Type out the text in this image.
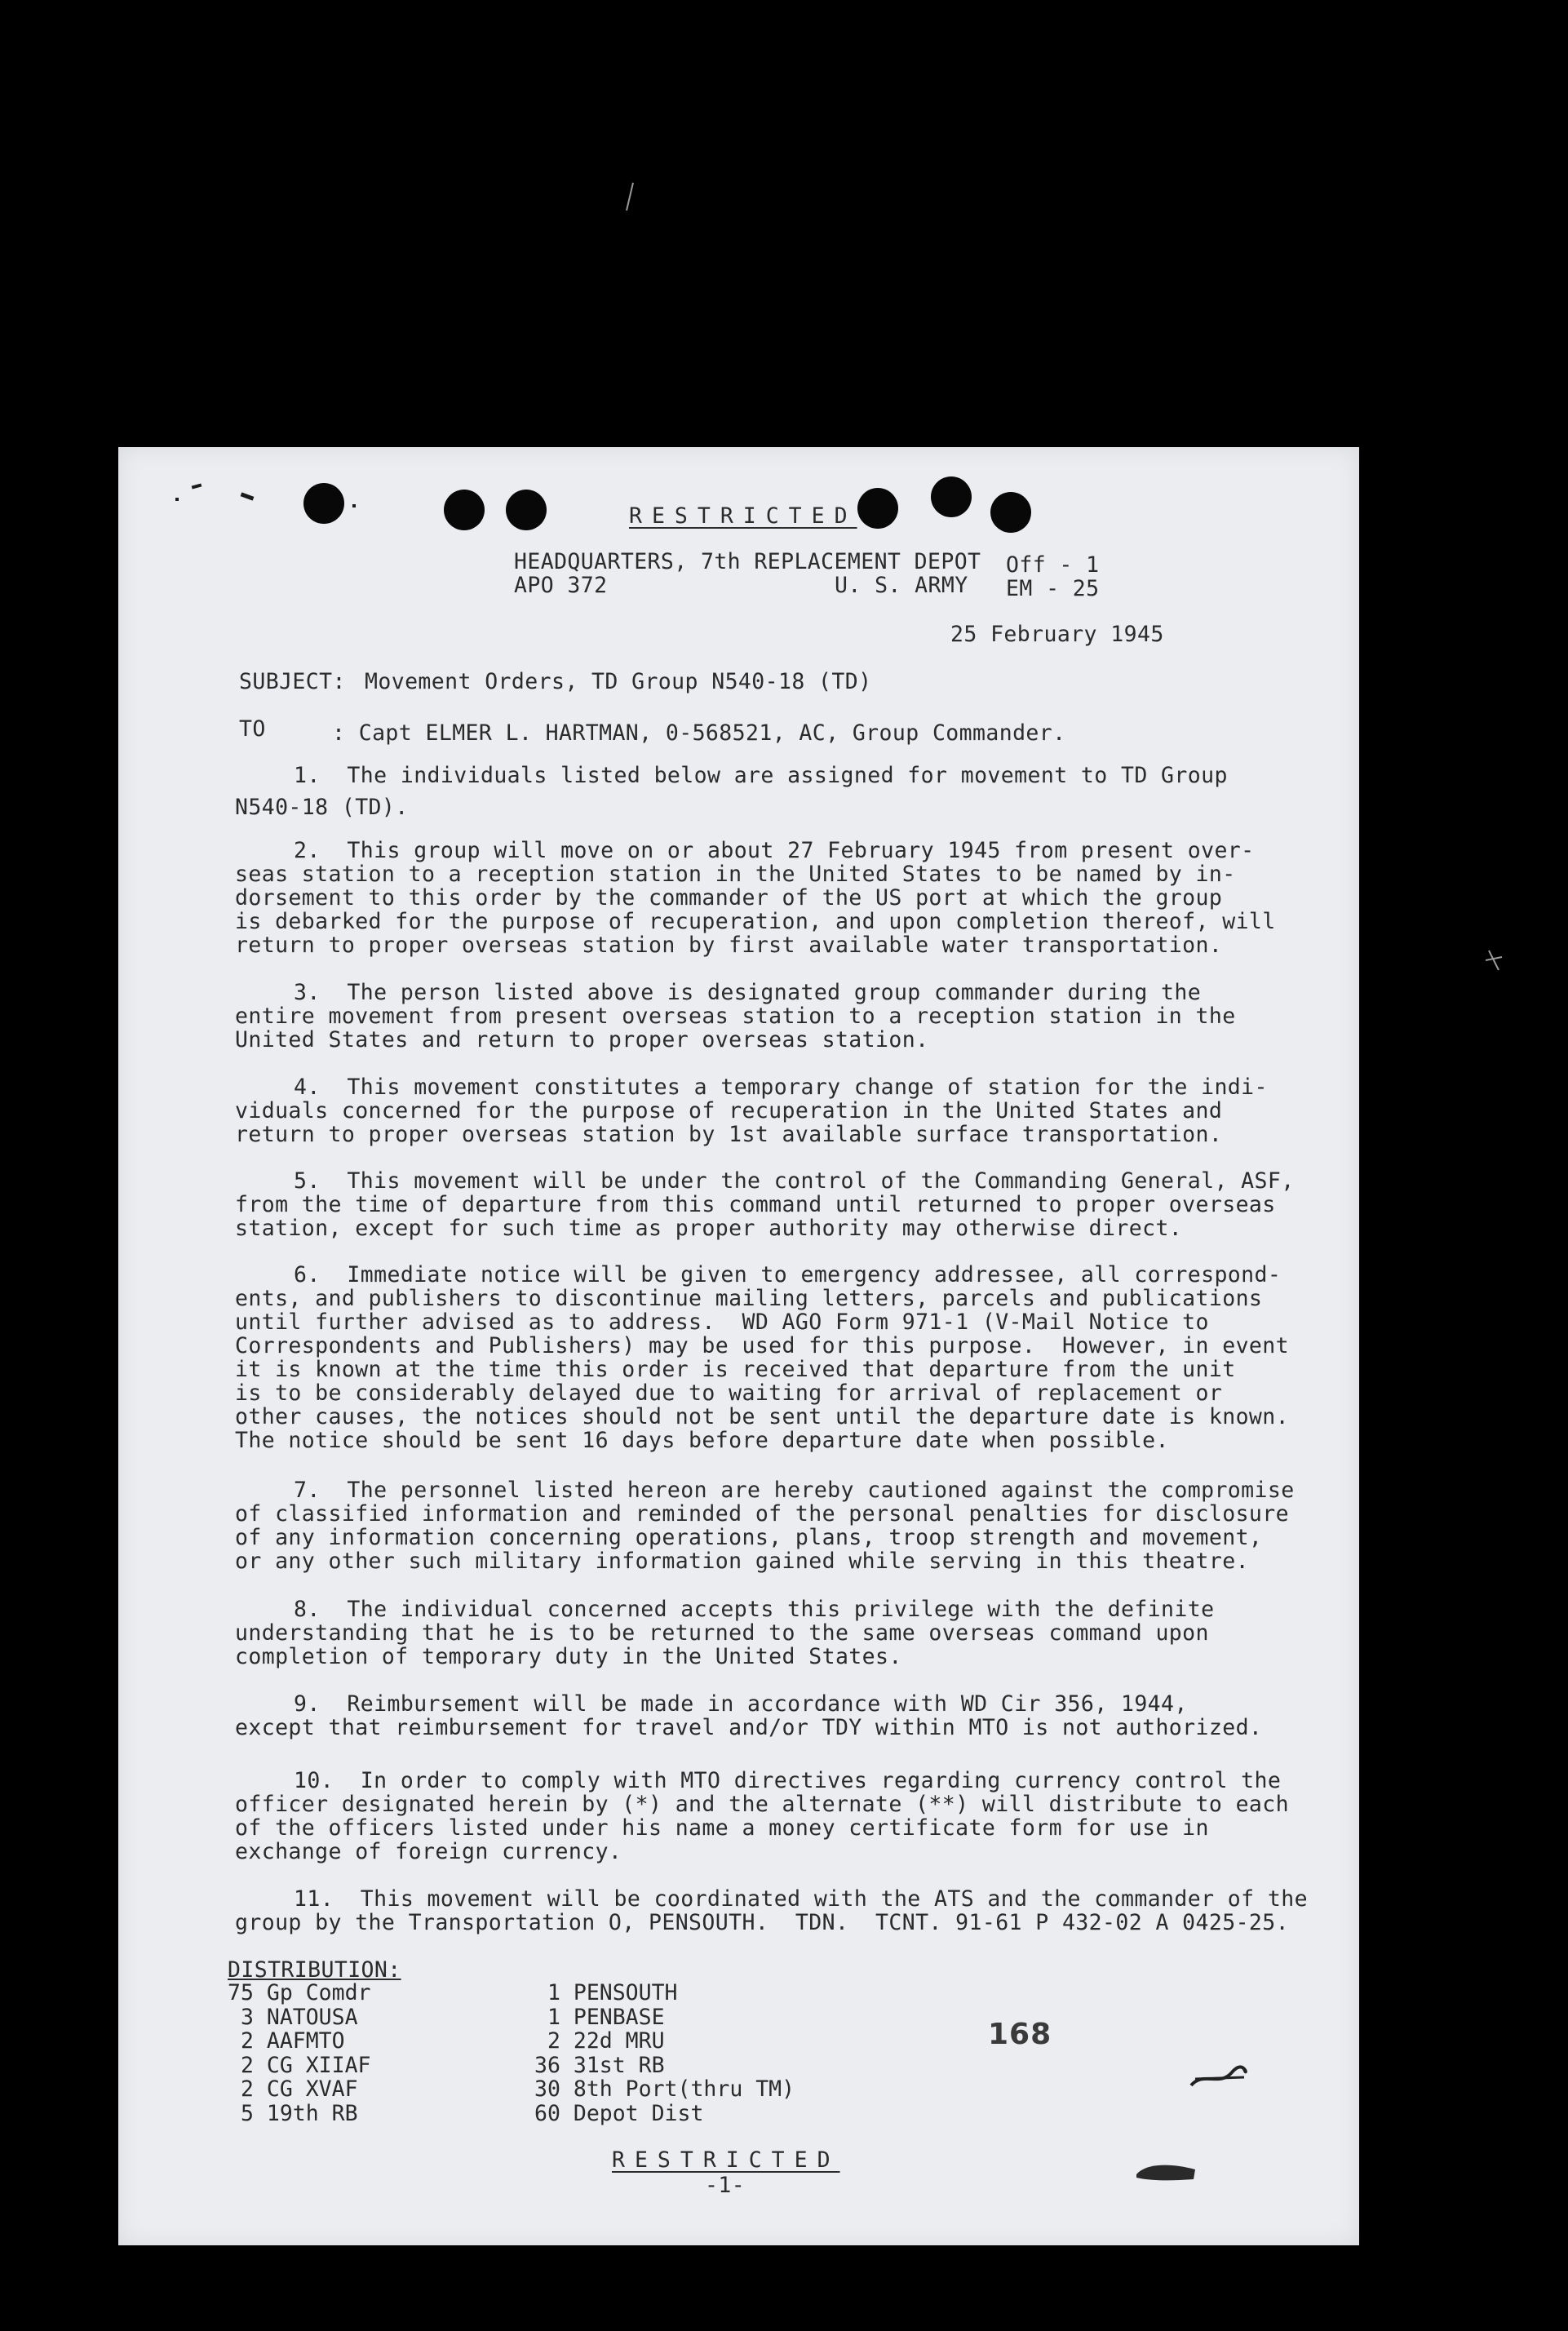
RESTRICTED
HEADQUARTERS, 7th REPLACEMENT DEPOT
APO 372	U. S. ARMY
Off - 1
EM - 25
25 February 1945
SUBJECT: Movement Orders, TD Group N540-18 (TD)
TO	: Capt ELMER L. HARTMAN, 0-568521, AC, Group Commander.
1.  The individuals listed below are assigned for movement to TD Group
N540-18 (TD).
2.  This group will move on or about 27 February 1945 from present over-
seas station to a reception station in the United States to be named by in-
dorsement to this order by the commander of the US port at which the group
is debarked for the purpose of recuperation, and upon completion thereof, will
return to proper overseas station by first available water transportation.
3.  The person listed above is designated group commander during the
entire movement from present overseas station to a reception station in the
United States and return to proper overseas station.
4.  This movement constitutes a temporary change of station for the indi-
viduals concerned for the purpose of recuperation in the United States and
return to proper overseas station by 1st available surface transportation.
5.  This movement will be under the control of the Commanding General, ASF,
from the time of departure from this command until returned to proper overseas
station, except for such time as proper authority may otherwise direct.
6.  Immediate notice will be given to emergency addressee, all correspond-
ents, and publishers to discontinue mailing letters, parcels and publications
until further advised as to address.  WD AGO Form 971-1 (V-Mail Notice to
Correspondents and Publishers) may be used for this purpose.  However, in event
it is known at the time this order is received that departure from the unit
is to be considerably delayed due to waiting for arrival of replacement or
other causes, the notices should not be sent until the departure date is known.
The notice should be sent 16 days before departure date when possible.
7.  The personnel listed hereon are hereby cautioned against the compromise
of classified information and reminded of the personal penalties for disclosure
of any information concerning operations, plans, troop strength and movement,
or any other such military information gained while serving in this theatre.
8.  The individual concerned accepts this privilege with the definite
understanding that he is to be returned to the same overseas command upon
completion of temporary duty in the United States.
9.  Reimbursement will be made in accordance with WD Cir 356, 1944,
except that reimbursement for travel and/or TDY within MTO is not authorized.
10.  In order to comply with MTO directives regarding currency control the
officer designated herein by (*) and the alternate (**) will distribute to each
of the officers listed under his name a money certificate form for use in
exchange of foreign currency.
11.  This movement will be coordinated with the ATS and the commander of the
group by the Transportation O, PENSOUTH.  TDN.  TCNT. 91-61 P 432-02 A 0425-25.
DISTRIBUTION:
75 Gp Comdr
3 NATOUSA
2 AAFMTO
2 CG XIIAF
2 CG XVAF
5 19th RB
1 PENSOUTH
1 PENBASE
2 22d MRU
36 31st RB
30 8th Port(thru TM)
60 Depot Dist
168
RESTRICTED
-1-
